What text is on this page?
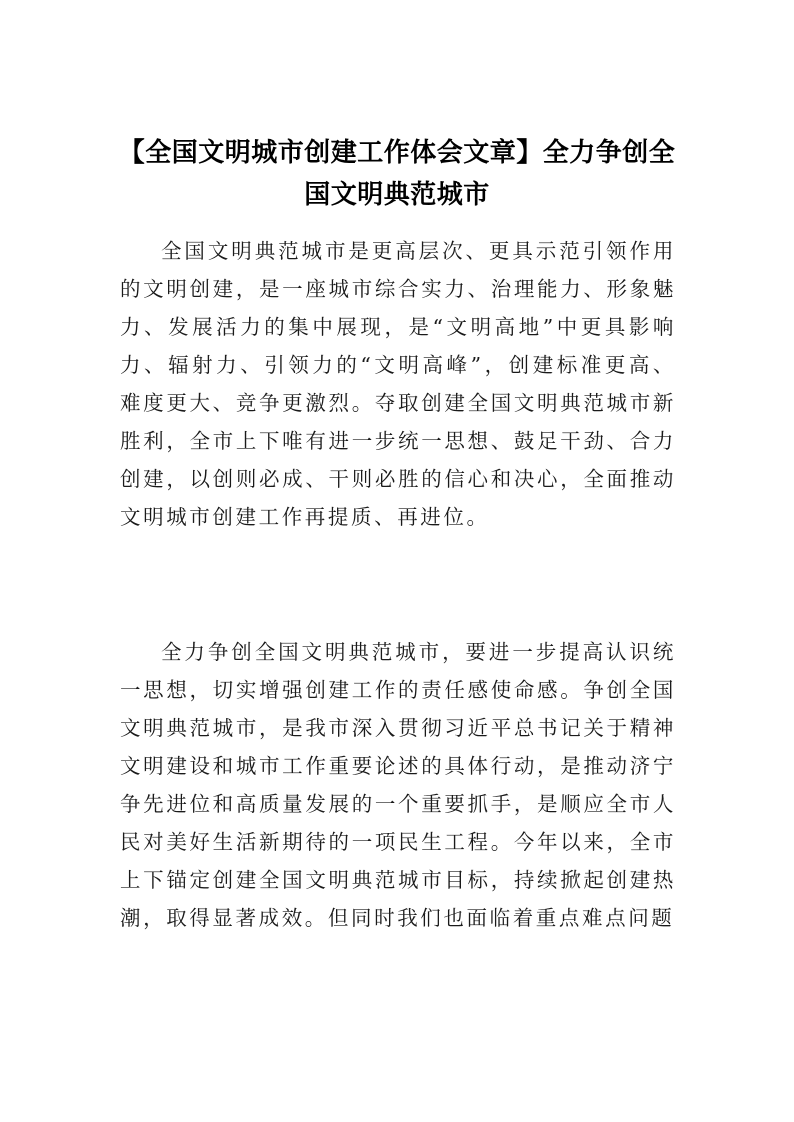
【全国文明城市创建工作体会文章】全力争创全国文明典范城市

全国文明典范城市是更高层次、更具示范引领作用的文明创建，是一座城市综合实力、治理能力、形象魅力、发展活力的集中展现，是“文明高地”中更具影响力、辐射力、引领力的“文明高峰”，创建标准更高、难度更大、竞争更激烈。夺取创建全国文明典范城市新胜利，全市上下唯有进一步统一思想、鼓足干劲、合力创建，以创则必成、干则必胜的信心和决心，全面推动文明城市创建工作再提质、再进位。

全力争创全国文明典范城市，要进一步提高认识统一思想，切实增强创建工作的责任感使命感。争创全国文明典范城市，是我市深入贯彻习近平总书记关于精神文明建设和城市工作重要论述的具体行动，是推动济宁争先进位和高质量发展的一个重要抓手，是顺应全市人民对美好生活新期待的一项民生工程。今年以来，全市上下锚定创建全国文明典范城市目标，持续掀起创建热潮，取得显著成效。但同时我们也面临着重点难点问题
